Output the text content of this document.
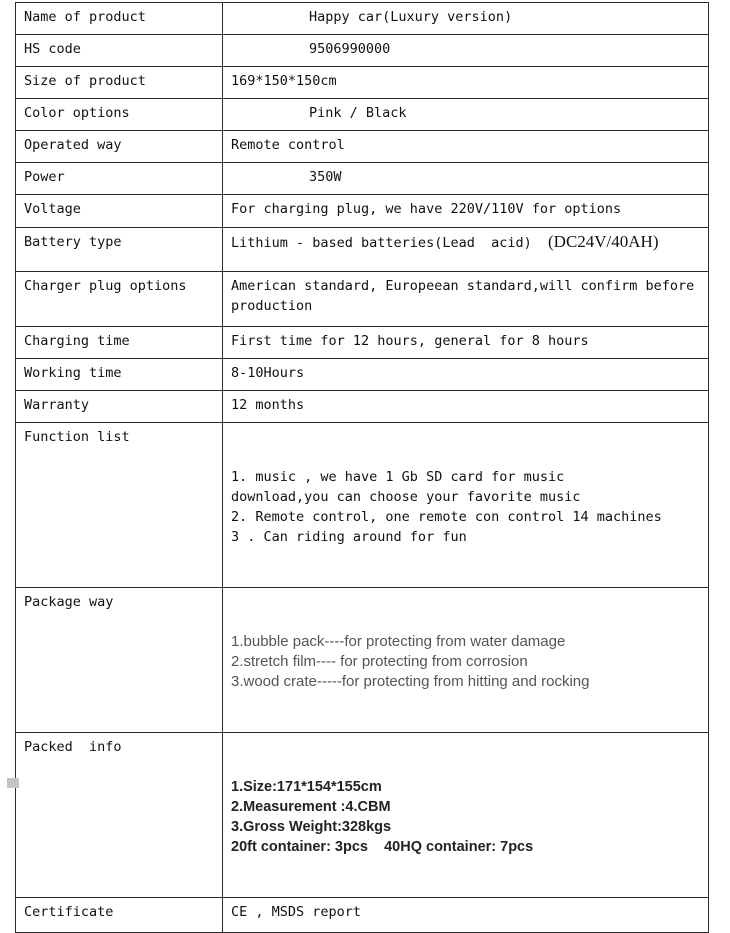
Name of product	Happy car(Luxury version)
HS code	9506990000
Size of product	169*150*150cm
Color options	Pink / Black
Operated way	Remote control
Power	350W
Voltage	For charging plug, we have 220V/110V for options
Battery type	Lithium - based batteries(Lead  acid) (DC24V/40AH)
Charger plug options	American standard, Europeean standard,will confirm before production
Charging time	First time for 12 hours, general for 8 hours
Working time	8-10Hours
Warranty	12 months
Function list	1. music , we have 1 Gb SD card for music
download,you can choose your favorite music
2. Remote control, one remote con control 14 machines
3 . Can riding around for fun

Package way	1.bubble pack----for protecting from water damage
2.stretch film---- for protecting from corrosion
3.wood crate-----for protecting from hitting and rocking

Packed  info	1.Size:171*154*155cm
2.Measurement :4.CBM
3.Gross Weight:328kgs
20ft container: 3pcs    40HQ container: 7pcs

Certificate	CE , MSDS report
